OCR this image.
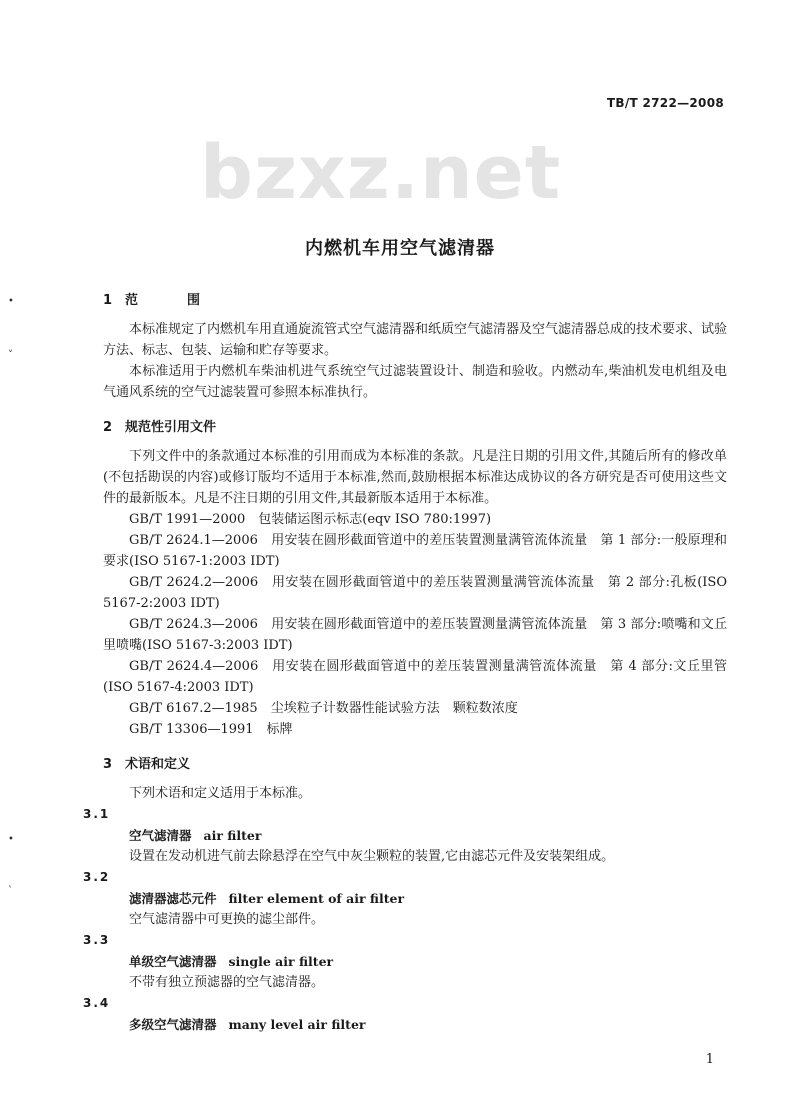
TB/T 2722—2008
bzxz.net
内燃机车用空气滤清器
•
˅
•
ˋ

1 范　围

本标准规定了内燃机车用直通旋流管式空气滤清器和纸质空气滤清器及空气滤清器总成的技术要求、试验方法、标志、包装、运输和贮存等要求。

本标准适用于内燃机车柴油机进气系统空气过滤装置设计、制造和验收。内燃动车,柴油机发电机组及电气通风系统的空气过滤装置可参照本标准执行。

2 规范性引用文件

下列文件中的条款通过本标准的引用而成为本标准的条款。凡是注日期的引用文件,其随后所有的修改单(不包括勘误的内容)或修订版均不适用于本标准,然而,鼓励根据本标准达成协议的各方研究是否可使用这些文件的最新版本。凡是不注日期的引用文件,其最新版本适用于本标准。

GB/T 1991—2000　包装储运图示标志(eqv ISO 780:1997)

GB/T 2624.1—2006　用安装在圆形截面管道中的差压装置测量满管流体流量　第 1 部分:一般原理和要求(ISO 5167-1:2003 IDT)

GB/T 2624.2—2006　用安装在圆形截面管道中的差压装置测量满管流体流量　第 2 部分:孔板(ISO 5167-2:2003 IDT)

GB/T 2624.3—2006　用安装在圆形截面管道中的差压装置测量满管流体流量　第 3 部分:喷嘴和文丘里喷嘴(ISO 5167-3:2003 IDT)

GB/T 2624.4—2006　用安装在圆形截面管道中的差压装置测量满管流体流量　第 4 部分:文丘里管(ISO 5167-4:2003 IDT)

GB/T 6167.2—1985　尘埃粒子计数器性能试验方法　颗粒数浓度

GB/T 13306—1991　标牌

3 术语和定义

下列术语和定义适用于本标准。

3.1

空气滤清器 air filter

设置在发动机进气前去除悬浮在空气中灰尘颗粒的装置,它由滤芯元件及安装架组成。

3.2

滤清器滤芯元件 filter element of air filter

空气滤清器中可更换的滤尘部件。

3.3

单级空气滤清器 single air filter

不带有独立预滤器的空气滤清器。

3.4

多级空气滤清器 many level air filter

1
